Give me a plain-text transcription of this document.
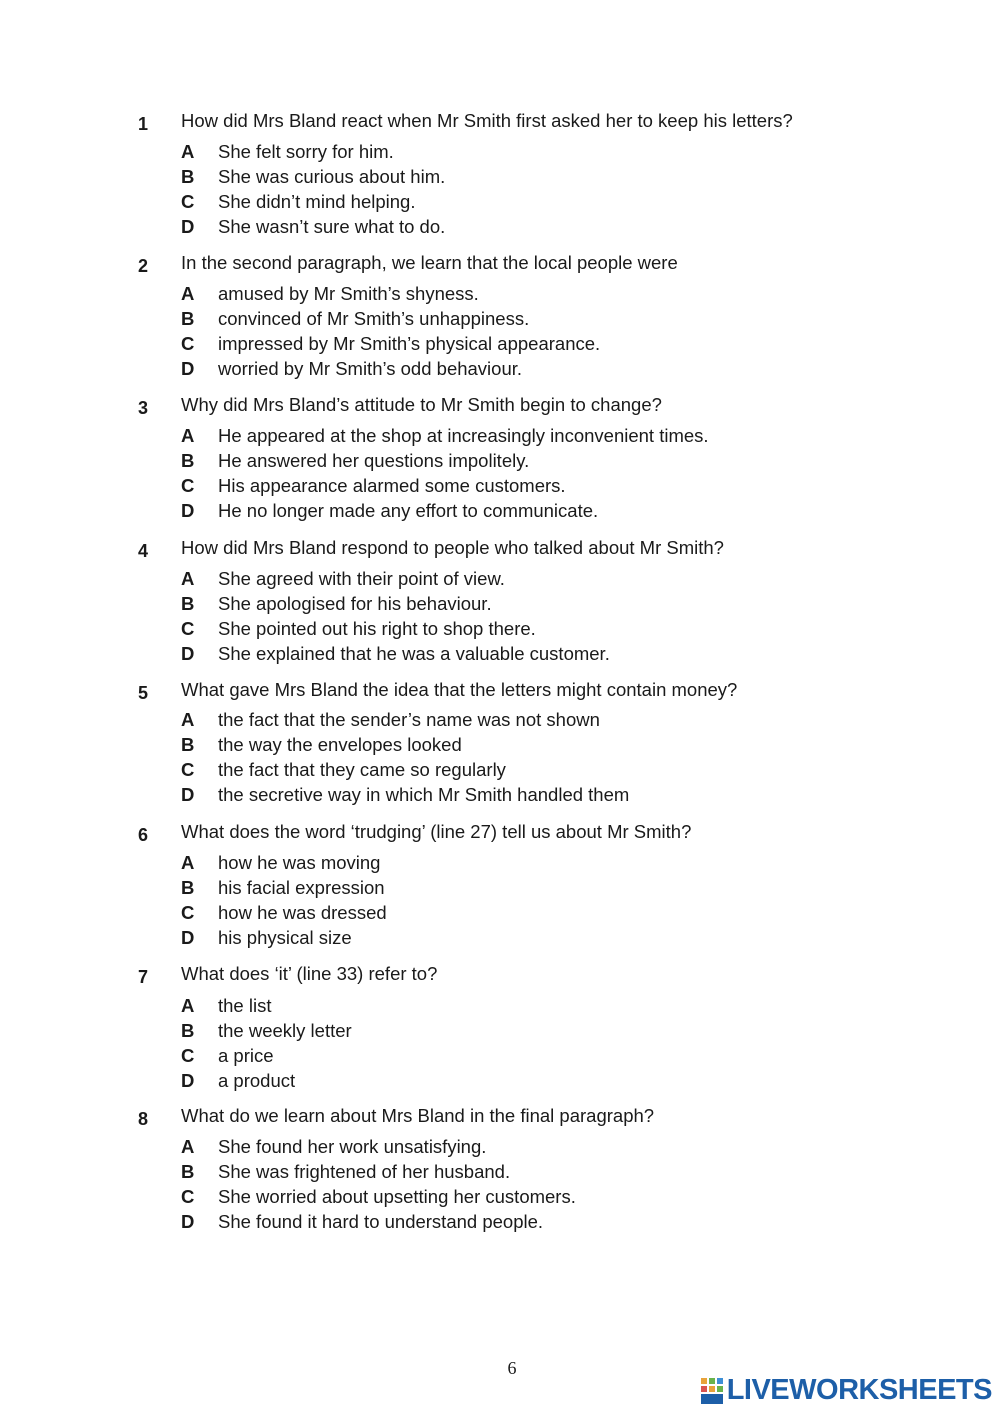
1 How did Mrs Bland react when Mr Smith first asked her to keep his letters?
A She felt sorry for him.
B She was curious about him.
C She didn’t mind helping.
D She wasn’t sure what to do.
2 In the second paragraph, we learn that the local people were
A amused by Mr Smith’s shyness.
B convinced of Mr Smith’s unhappiness.
C impressed by Mr Smith’s physical appearance.
D worried by Mr Smith’s odd behaviour.
3 Why did Mrs Bland’s attitude to Mr Smith begin to change?
A He appeared at the shop at increasingly inconvenient times.
B He answered her questions impolitely.
C His appearance alarmed some customers.
D He no longer made any effort to communicate.
4 How did Mrs Bland respond to people who talked about Mr Smith?
A She agreed with their point of view.
B She apologised for his behaviour.
C She pointed out his right to shop there.
D She explained that he was a valuable customer.
5 What gave Mrs Bland the idea that the letters might contain money?
A the fact that the sender’s name was not shown
B the way the envelopes looked
C the fact that they came so regularly
D the secretive way in which Mr Smith handled them
6 What does the word ‘trudging’ (line 27) tell us about Mr Smith?
A how he was moving
B his facial expression
C how he was dressed
D his physical size
7 What does ‘it’ (line 33) refer to?
A the list
B the weekly letter
C a price
D a product
8 What do we learn about Mrs Bland in the final paragraph?
A She found her work unsatisfying.
B She was frightened of her husband.
C She worried about upsetting her customers.
D She found it hard to understand people.
6
LIVEWORKSHEETS
